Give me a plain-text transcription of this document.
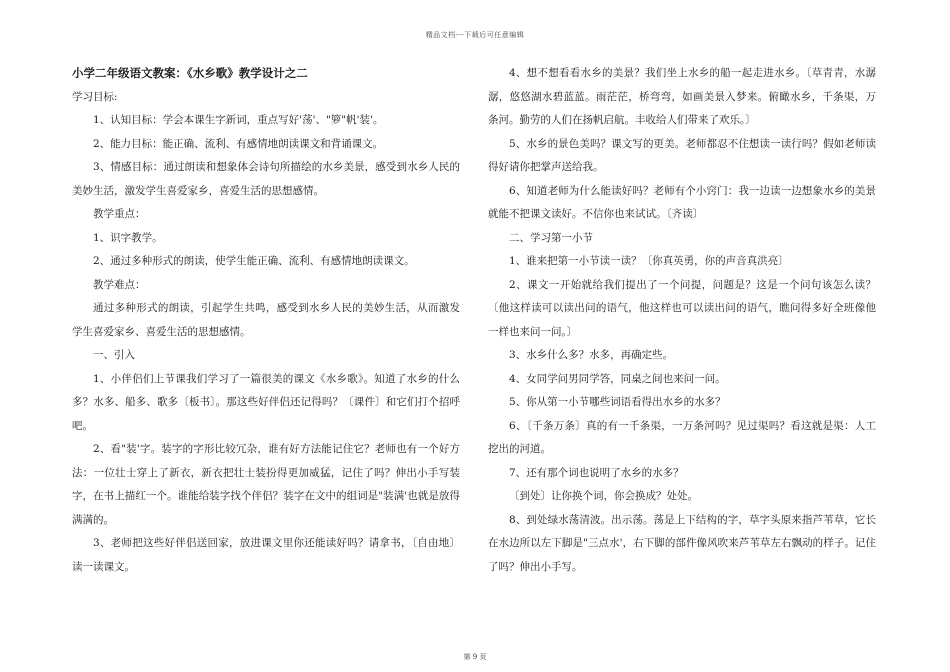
精品文档---下载后可任意编辑

小学二年级语文教案：《水乡歌》教学设计之二

学习目标:

1、认知目标：学会本课生字新词，重点写好'荡'、"箩"帆'装'。

2、能力目标：能正确、流利、有感情地朗读课文和背诵课文。

3、情感目标：通过朗读和想象体会诗句所描绘的水乡美景，感受到水乡人民的美妙生活，激发学生喜爱家乡，喜爱生活的思想感情。

教学重点：

1、识字教学。

2、通过多种形式的朗读，使学生能正确、流利、有感情地朗读课文。

教学难点：

通过多种形式的朗读，引起学生共鸣，感受到水乡人民的美妙生活，从而激发学生喜爱家乡、喜爱生活的思想感情。

一、引入

1、小伴侣们上节课我们学习了一篇很美的课文《水乡歌》。知道了水乡的什么多？水多、船多、歌多〔板书〕。那这些好伴侣还记得吗？〔课件〕和它们打个招呼吧。

2、看"装'字。装字的字形比较冗杂，谁有好方法能记住它？老师也有一个好方法：一位壮士穿上了新衣，新衣把壮士装扮得更加威猛，记住了吗？伸出小手写装字，在书上描红一个。谁能给装字找个伴侣？装字在文中的组词是"装满'也就是放得满满的。

3、老师把这些好伴侣送回家，放进课文里你还能读好吗？请拿书，〔自由地〕读一读课文。

4、想不想看看水乡的美景？我们坐上水乡的船一起走进水乡。〔草青青，水潺潺，悠悠湖水碧蓝蓝。雨茫茫，桥弯弯，如画美景入梦来。俯瞰水乡，千条渠，万条河。勤劳的人们在扬帆启航。丰收给人们带来了欢乐。〕

5、水乡的景色美吗？课文写的更美。老师都忍不住想读一读行吗？假如老师读得好请你把掌声送给我。

6、知道老师为什么能读好吗？老师有个小窍门：我一边读一边想象水乡的美景就能不把课文读好。不信你也来试试。〔齐读〕

二、学习第一小节

1、谁来把第一小节读一读？〔你真英勇，你的声音真洪亮〕

2、课文一开始就给我们提出了一个问提，问题是？这是一个问句该怎么读？〔他这样读可以读出问的语气，他这样也可以读出问的语气，瞧问得多好全班像他一样也来问一问。〕

3、水乡什么多？水多，再确定些。

4、女同学问男同学答，同桌之间也来问一问。

5、你从第一小节哪些词语看得出水乡的水多？

6、〔千条万条〕真的有一千条渠，一万条河吗？见过渠吗？看这就是渠：人工挖出的河道。

7、还有那个词也说明了水乡的水多？

〔到处〕让你换个词，你会换成？处处。

8、到处绿水荡清波。出示荡。荡是上下结构的字，草字头原来指芦苇草，它长在水边所以左下脚是"三点水'，右下脚的部件像风吹来芦苇草左右飘动的样子。记住了吗？伸出小手写。

第 9 页
